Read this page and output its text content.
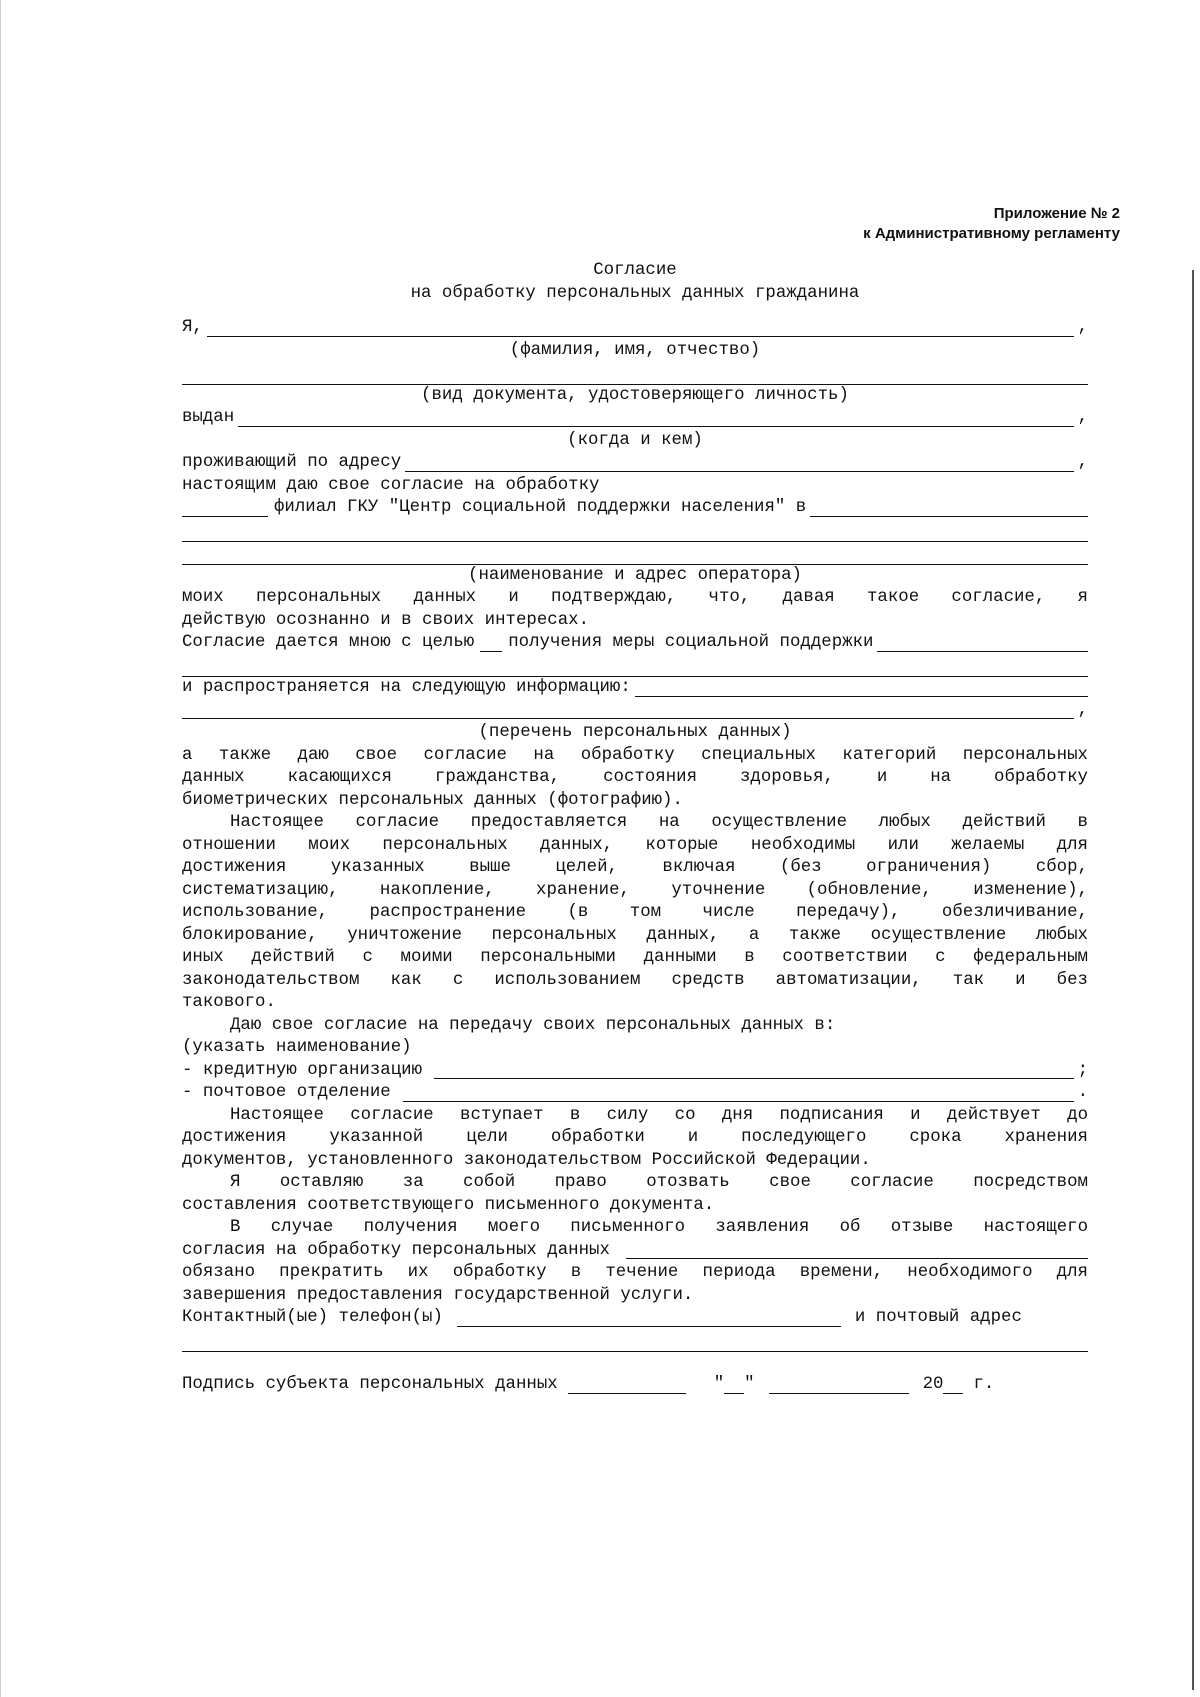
Приложение № 2
к Административному регламенту
Согласие
на обработку персональных данных гражданина
Я,	,
(фамилия, имя, отчество)
(вид документа, удостоверяющего личность)
выдан	,
(когда и кем)
проживающий по адресу	,
настоящим даю свое согласие на обработку
филиал ГКУ "Центр социальной поддержки населения" в
(наименование и адрес оператора)
моих персональных данных и подтверждаю, что, давая такое согласие, я
действую осознанно и в своих интересах.
Согласие дается мною с целью получения меры социальной поддержки
и распространяется на следующую информацию:
,
(перечень персональных данных)
а также даю свое согласие на обработку специальных категорий персональных
данных касающихся гражданства, состояния здоровья, и на обработку
биометрических персональных данных (фотографию).
Настоящее согласие предоставляется на осуществление любых действий в
отношении моих персональных данных, которые необходимы или желаемы для
достижения указанных выше целей, включая (без ограничения) сбор,
систематизацию, накопление, хранение, уточнение (обновление, изменение),
использование, распространение (в том числе передачу), обезличивание,
блокирование, уничтожение персональных данных, а также осуществление любых
иных действий с моими персональными данными в соответствии с федеральным
законодательством как с использованием средств автоматизации, так и без
такового.
Даю свое согласие на передачу своих персональных данных в:
(указать наименование)
- кредитную организацию	;
- почтовое отделение	.
Настоящее согласие вступает в силу со дня подписания и действует до
достижения указанной цели обработки и последующего срока хранения
документов, установленного законодательством Российской Федерации.
Я оставляю за собой право отозвать свое согласие посредством
составления соответствующего письменного документа.
В случае получения моего письменного заявления об отзыве настоящего
согласия на обработку персональных данных
обязано прекратить их обработку в течение периода времени, необходимого для
завершения предоставления государственной услуги.
Контактный(ые) телефон(ы)	и почтовый адрес
Подпись субъекта персональных данных	" "	20 г.
